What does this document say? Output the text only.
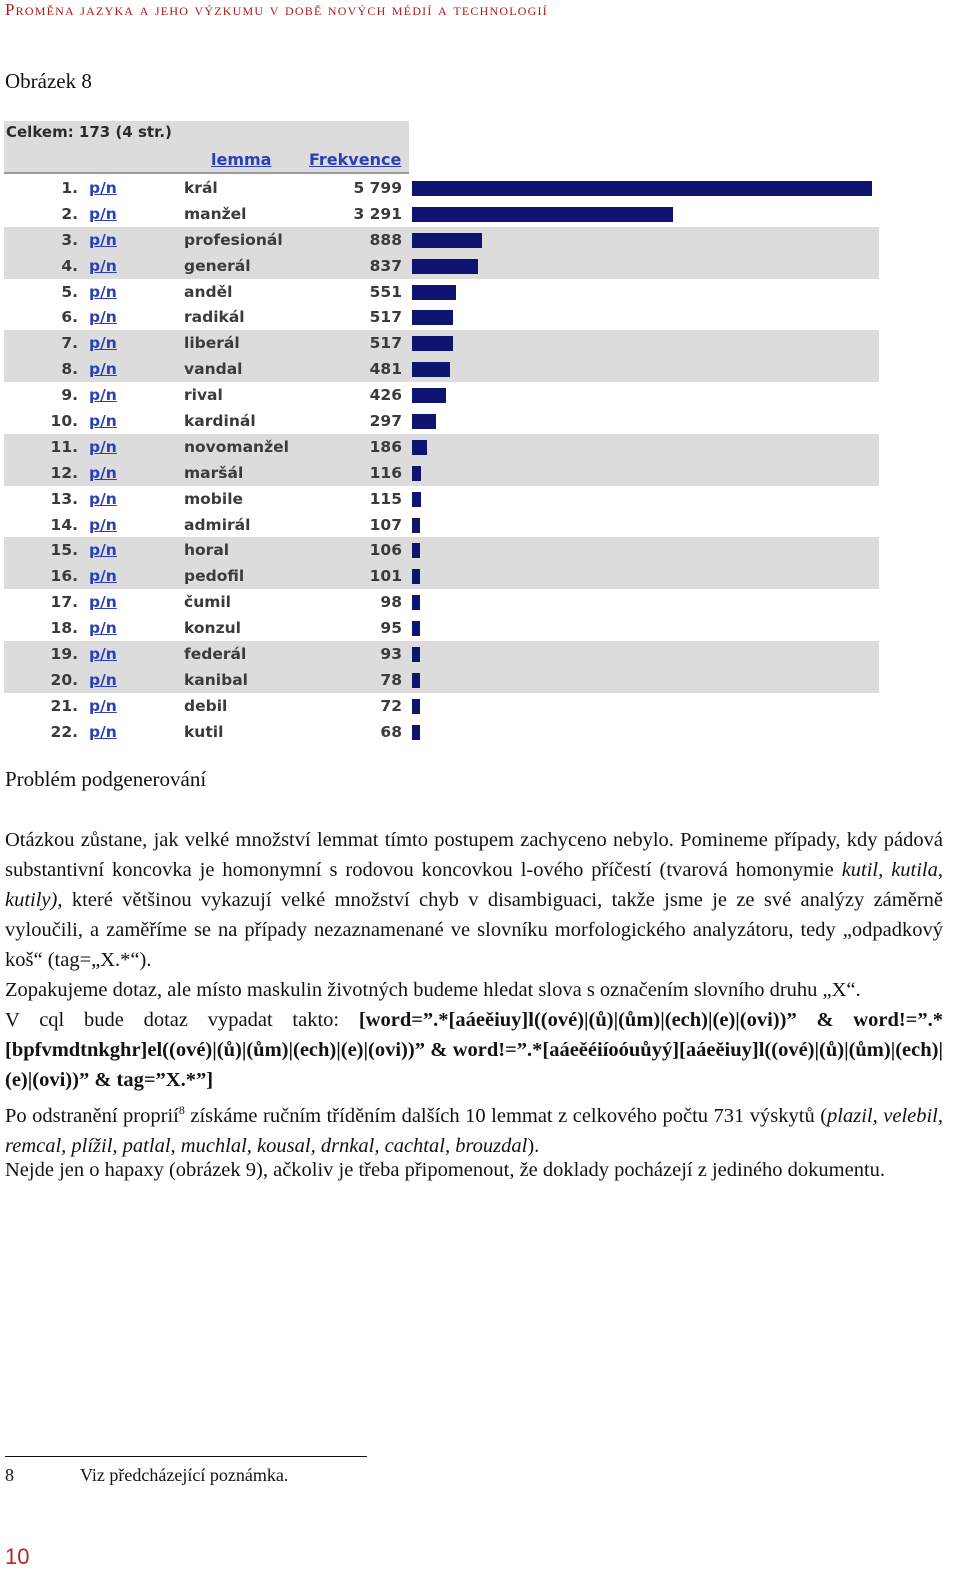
Proměna jazyka a jeho výzkumu v době nových médií a technologií
Obrázek 8
Celkem: 173 (4 str.)
lemma Frekvence
1. p/n	král	5 799
2. p/n	manžel	3 291
3. p/n	profesionál	888
4. p/n	generál	837
5. p/n	anděl	551
6. p/n	radikál	517
7. p/n	liberál	517
8. p/n	vandal	481
9. p/n	rival	426
10. p/n	kardinál	297
11. p/n	novomanžel	186
12. p/n	maršál	116
13. p/n	mobile	115
14. p/n	admirál	107
15. p/n	horal	106
16. p/n	pedofil	101
17. p/n	čumil	98
18. p/n	konzul	95
19. p/n	federál	93
20. p/n	kanibal	78
21. p/n	debil	72
22. p/n	kutil	68
Problém podgenerování

Otázkou zůstane, jak velké množství lemmat tímto postupem zachyceno nebylo. Pomineme případy, kdy pádová substantivní koncovka je homonymní s rodovou koncovkou l-ového příčestí (tvarová homonymie kutil, kutila, kutily), které většinou vykazují velké množství chyb v disambiguaci, takže jsme je ze své analýzy záměrně vyloučili, a zaměříme se na případy nezaznamenané ve slovníku morfologického analyzátoru, tedy „odpadkový koš“ (tag=„X.*“).

Zopakujeme dotaz, ale místo maskulin životných budeme hledat slova s označením slovního druhu „X“.

V cql bude dotaz vypadat takto: [word=”.*[aáeěiuy]l((ové)|(ů)|(ům)|(ech)|(e)|(ovi))” & word!=”.*[bpfvmdtnkghr]el((ové)|(ů)|(ům)|(ech)|(e)|(ovi))” & word!=”.*[aáeěéiíoóuůyý][aáeěiuy]l((ové)|(ů)|(ům)|(ech)|(e)|(ovi))” & tag=”X.*”]

Po odstranění proprií$^8$ získáme ručním tříděním dalších 10 lemmat z celkového počtu 731 výskytů (plazil, velebil, remcal, plížil, patlal, muchlal, kousal, drnkal, cachtal, brouzdal).

Nejde jen o hapaxy (obrázek 9), ačkoliv je třeba připomenout, že doklady pocházejí z jediného dokumentu.

8	Viz předcházející poznámka.
10
